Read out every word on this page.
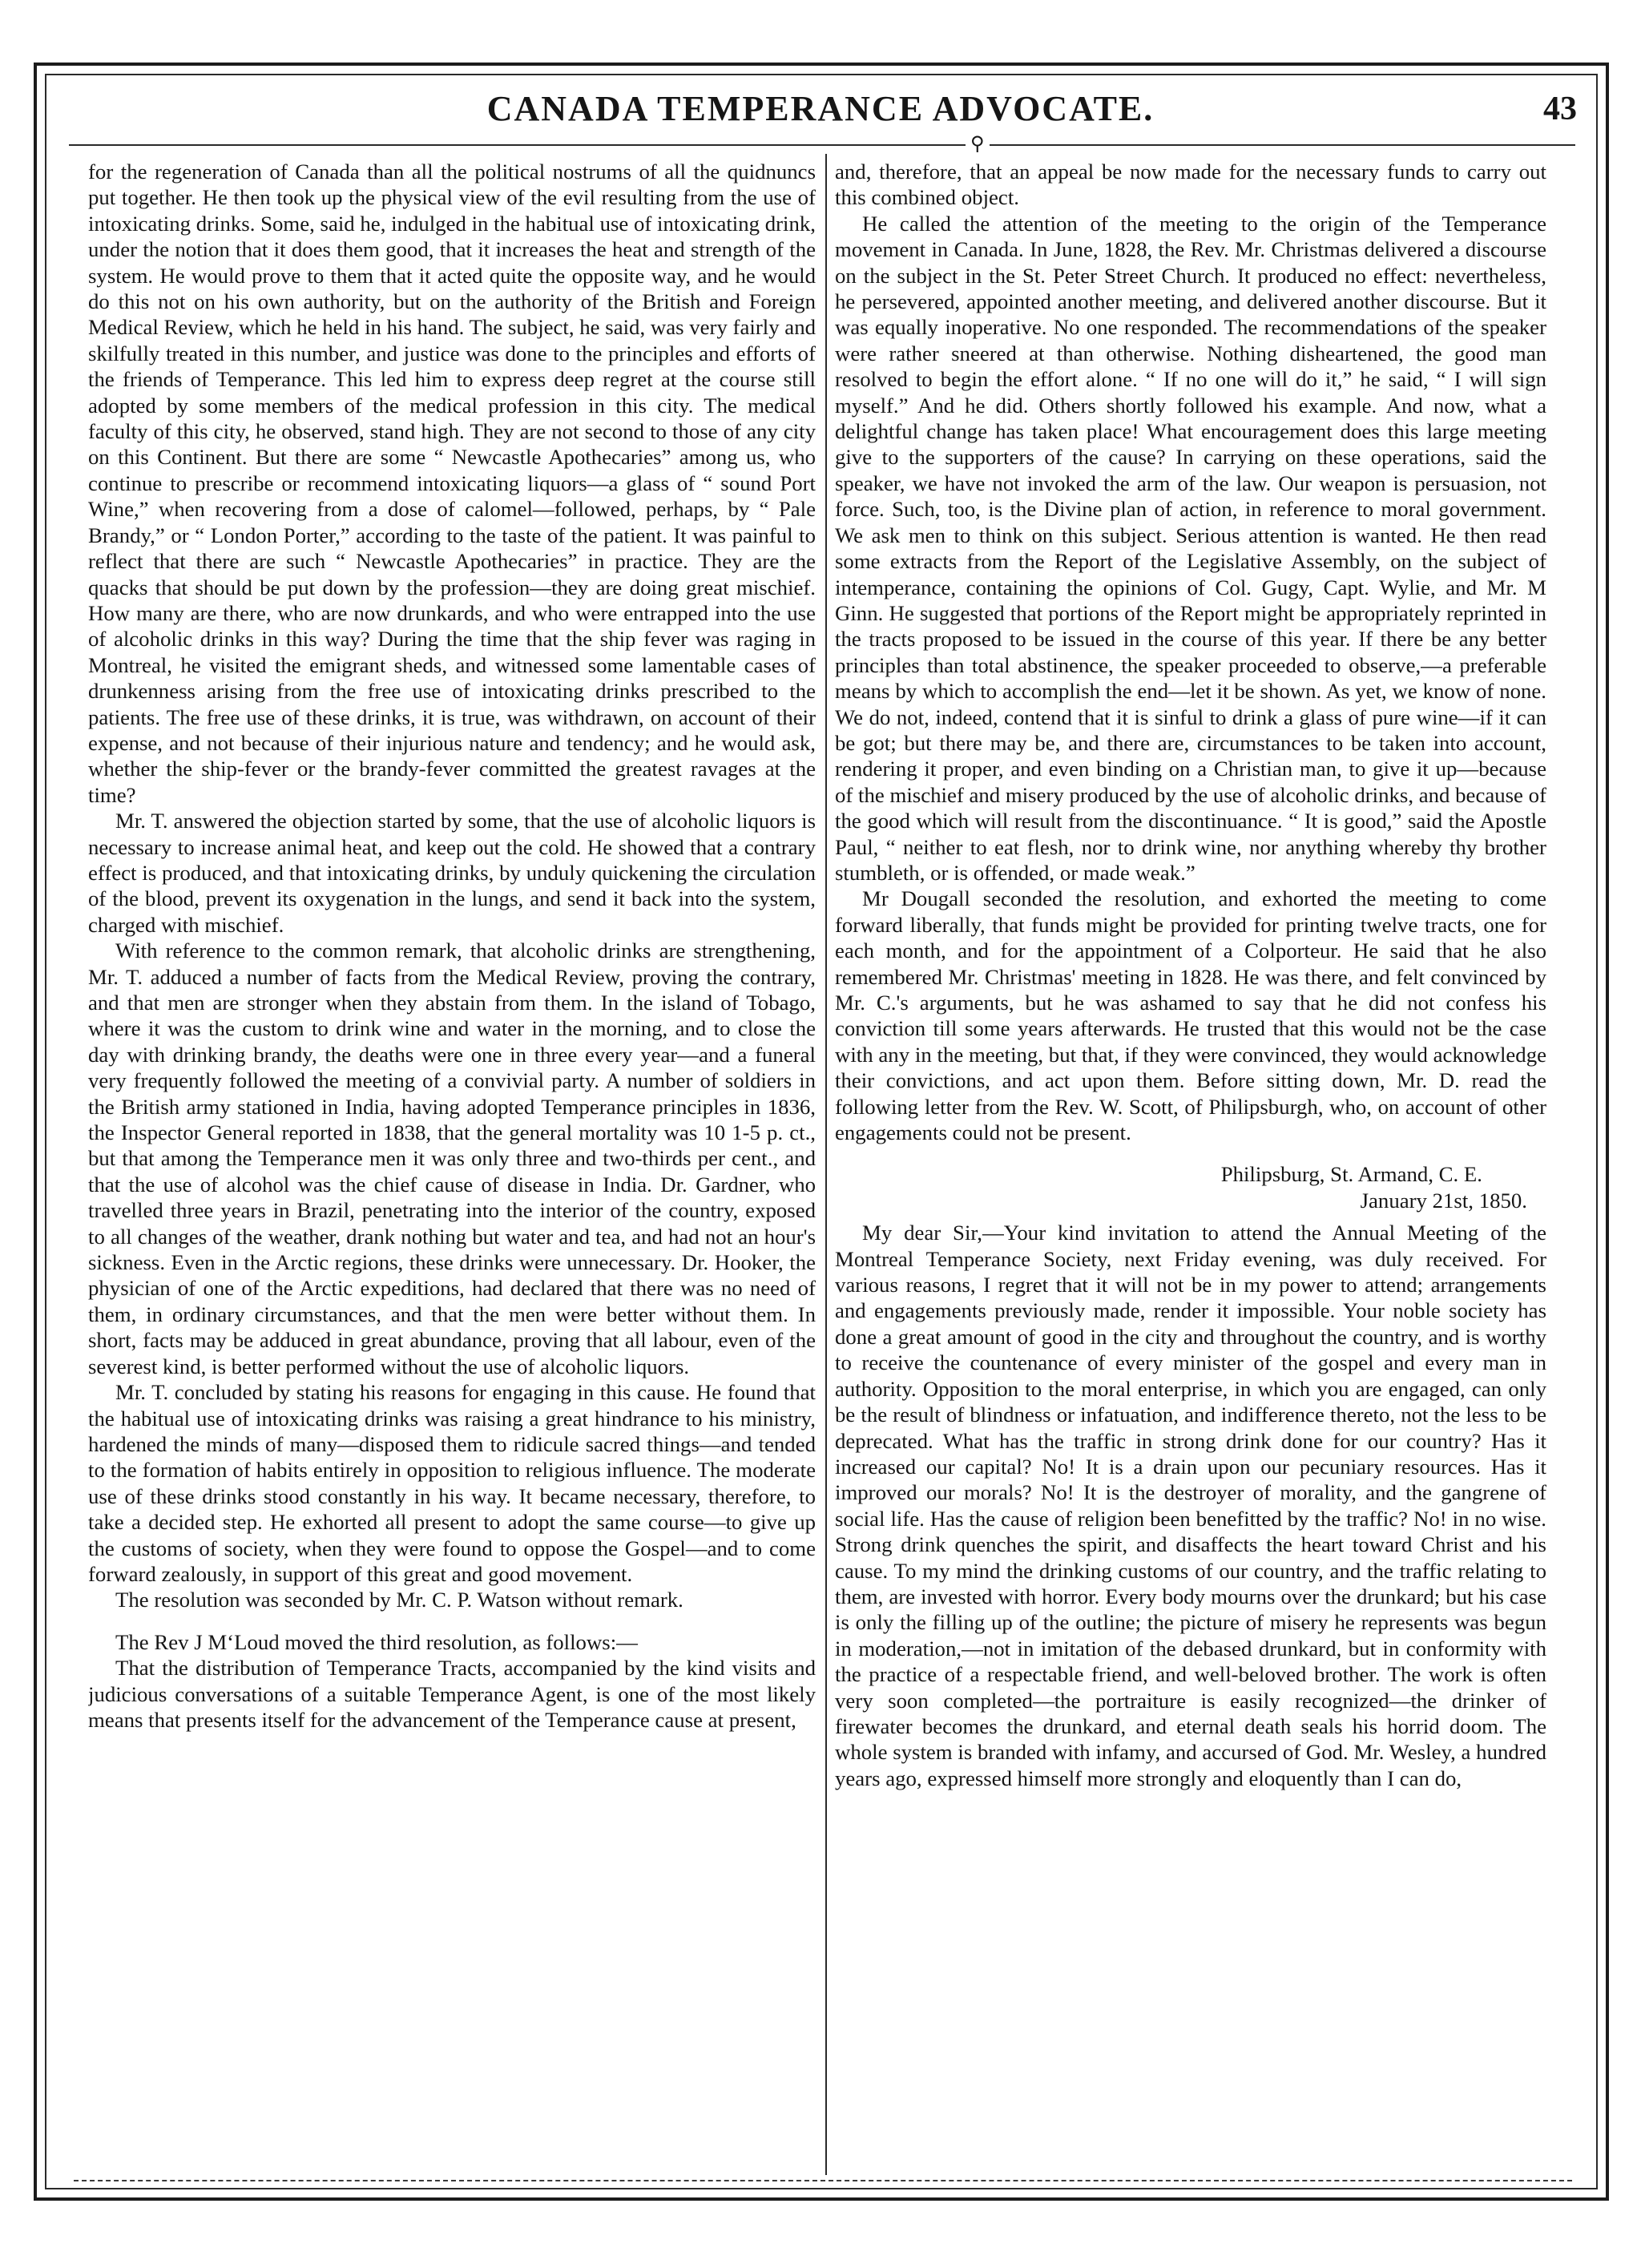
CANADA TEMPERANCE ADVOCATE.	43
⚲

for the regeneration of Canada than all the political nostrums of all the quidnuncs put together. He then took up the physical view of the evil resulting from the use of intoxicating drinks. Some, said he, indulged in the habitual use of intoxicating drink, under the notion that it does them good, that it increases the heat and strength of the system. He would prove to them that it acted quite the opposite way, and he would do this not on his own authority, but on the authority of the British and Foreign Medical Review, which he held in his hand. The subject, he said, was very fairly and skilfully treated in this number, and justice was done to the principles and efforts of the friends of Temperance. This led him to express deep regret at the course still adopted by some members of the medical profession in this city. The medical faculty of this city, he observed, stand high. They are not second to those of any city on this Continent. But there are some “ Newcastle Apothecaries” among us, who continue to prescribe or recommend intoxicating liquors—a glass of “ sound Port Wine,” when recovering from a dose of calomel—followed, perhaps, by “ Pale Brandy,” or “ London Porter,” according to the taste of the patient. It was painful to reflect that there are such “ Newcastle Apothecaries” in practice. They are the quacks that should be put down by the profession—they are doing great mischief. How many are there, who are now drunkards, and who were entrapped into the use of alcoholic drinks in this way? During the time that the ship fever was raging in Montreal, he visited the emigrant sheds, and witnessed some lamentable cases of drunkenness arising from the free use of intoxicating drinks prescribed to the patients. The free use of these drinks, it is true, was withdrawn, on account of their expense, and not because of their injurious nature and tendency; and he would ask, whether the ship-fever or the brandy-fever committed the greatest ravages at the time?

Mr. T. answered the objection started by some, that the use of alcoholic liquors is necessary to increase animal heat, and keep out the cold. He showed that a contrary effect is produced, and that intoxicating drinks, by unduly quickening the circulation of the blood, prevent its oxygenation in the lungs, and send it back into the system, charged with mischief.

With reference to the common remark, that alcoholic drinks are strengthening, Mr. T. adduced a number of facts from the Medical Review, proving the contrary, and that men are stronger when they abstain from them. In the island of Tobago, where it was the custom to drink wine and water in the morning, and to close the day with drinking brandy, the deaths were one in three every year—and a funeral very frequently followed the meeting of a convivial party. A number of soldiers in the British army stationed in India, having adopted Temperance principles in 1836, the Inspector General reported in 1838, that the general mortality was 10 1-5 p. ct., but that among the Temperance men it was only three and two-thirds per cent., and that the use of alcohol was the chief cause of disease in India. Dr. Gardner, who travelled three years in Brazil, penetrating into the interior of the country, exposed to all changes of the weather, drank nothing but water and tea, and had not an hour's sickness. Even in the Arctic regions, these drinks were unnecessary. Dr. Hooker, the physician of one of the Arctic expeditions, had declared that there was no need of them, in ordinary circumstances, and that the men were better without them. In short, facts may be adduced in great abundance, proving that all labour, even of the severest kind, is better performed without the use of alcoholic liquors.

Mr. T. concluded by stating his reasons for engaging in this cause. He found that the habitual use of intoxicating drinks was raising a great hindrance to his ministry, hardened the minds of many—disposed them to ridicule sacred things—and tended to the formation of habits entirely in opposition to religious influence. The moderate use of these drinks stood constantly in his way. It became necessary, therefore, to take a decided step. He exhorted all present to adopt the same course—to give up the customs of society, when they were found to oppose the Gospel—and to come forward zealously, in support of this great and good movement.

The resolution was seconded by Mr. C. P. Watson without remark.

The Rev J M‘Loud moved the third resolution, as follows:—

That the distribution of Temperance Tracts, accompanied by the kind visits and judicious conversations of a suitable Temperance Agent, is one of the most likely means that presents itself for the advancement of the Temperance cause at present,

and, therefore, that an appeal be now made for the necessary funds to carry out this combined object.

He called the attention of the meeting to the origin of the Temperance movement in Canada. In June, 1828, the Rev. Mr. Christmas delivered a discourse on the subject in the St. Peter Street Church. It produced no effect: nevertheless, he persevered, appointed another meeting, and delivered another discourse. But it was equally inoperative. No one responded. The recommendations of the speaker were rather sneered at than otherwise. Nothing disheartened, the good man resolved to begin the effort alone. “ If no one will do it,” he said, “ I will sign myself.” And he did. Others shortly followed his example. And now, what a delightful change has taken place! What encouragement does this large meeting give to the supporters of the cause? In carrying on these operations, said the speaker, we have not invoked the arm of the law. Our weapon is persuasion, not force. Such, too, is the Divine plan of action, in reference to moral government. We ask men to think on this subject. Serious attention is wanted. He then read some extracts from the Report of the Legislative Assembly, on the subject of intemperance, containing the opinions of Col. Gugy, Capt. Wylie, and Mr. M Ginn. He suggested that portions of the Report might be appropriately reprinted in the tracts proposed to be issued in the course of this year. If there be any better principles than total abstinence, the speaker proceeded to observe,—a preferable means by which to accomplish the end—let it be shown. As yet, we know of none. We do not, indeed, contend that it is sinful to drink a glass of pure wine—if it can be got; but there may be, and there are, circumstances to be taken into account, rendering it proper, and even binding on a Christian man, to give it up—because of the mischief and misery produced by the use of alcoholic drinks, and because of the good which will result from the discontinuance. “ It is good,” said the Apostle Paul, “ neither to eat flesh, nor to drink wine, nor anything whereby thy brother stumbleth, or is offended, or made weak.”

Mr Dougall seconded the resolution, and exhorted the meeting to come forward liberally, that funds might be provided for printing twelve tracts, one for each month, and for the appointment of a Colporteur. He said that he also remembered Mr. Christmas' meeting in 1828. He was there, and felt convinced by Mr. C.'s arguments, but he was ashamed to say that he did not confess his conviction till some years afterwards. He trusted that this would not be the case with any in the meeting, but that, if they were convinced, they would acknowledge their convictions, and act upon them. Before sitting down, Mr. D. read the following letter from the Rev. W. Scott, of Philipsburgh, who, on account of other engagements could not be present.

Philipsburg, St. Armand, C. E.

January 21st, 1850.

My dear Sir,—Your kind invitation to attend the Annual Meeting of the Montreal Temperance Society, next Friday evening, was duly received. For various reasons, I regret that it will not be in my power to attend; arrangements and engagements previously made, render it impossible. Your noble society has done a great amount of good in the city and throughout the country, and is worthy to receive the countenance of every minister of the gospel and every man in authority. Opposition to the moral enterprise, in which you are engaged, can only be the result of blindness or infatuation, and indifference thereto, not the less to be deprecated. What has the traffic in strong drink done for our country? Has it increased our capital? No! It is a drain upon our pecuniary resources. Has it improved our morals? No! It is the destroyer of morality, and the gangrene of social life. Has the cause of religion been benefitted by the traffic? No! in no wise. Strong drink quenches the spirit, and disaffects the heart toward Christ and his cause. To my mind the drinking customs of our country, and the traffic relating to them, are invested with horror. Every body mourns over the drunkard; but his case is only the filling up of the outline; the picture of misery he represents was begun in moderation,—not in imitation of the debased drunkard, but in conformity with the practice of a respectable friend, and well-beloved brother. The work is often very soon completed—the portraiture is easily recognized—the drinker of firewater becomes the drunkard, and eternal death seals his horrid doom. The whole system is branded with infamy, and accursed of God. Mr. Wesley, a hundred years ago, expressed himself more strongly and eloquently than I can do,
